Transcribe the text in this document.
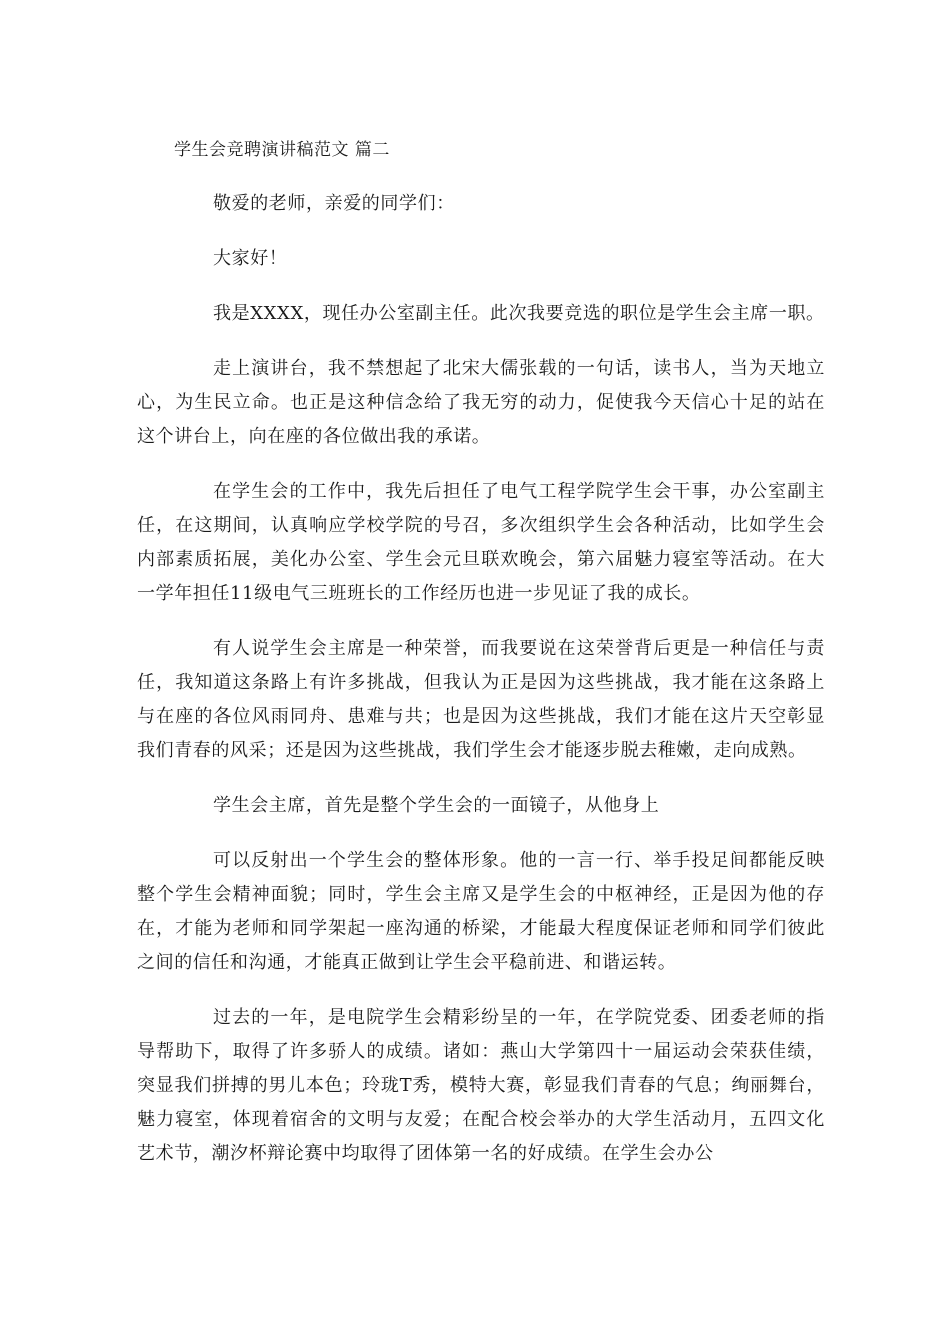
学生会竞聘演讲稿范文 篇二

敬爱的老师，亲爱的同学们：

大家好！

我是XXXX，现任办公室副主任。此次我要竞选的职位是学生会主席一职。

走上演讲台，我不禁想起了北宋大儒张载的一句话，读书人，当为天地立心，为生民立命。也正是这种信念给了我无穷的动力，促使我今天信心十足的站在这个讲台上，向在座的各位做出我的承诺。

在学生会的工作中，我先后担任了电气工程学院学生会干事，办公室副主任，在这期间，认真响应学校学院的号召，多次组织学生会各种活动，比如学生会内部素质拓展，美化办公室、学生会元旦联欢晚会，第六届魅力寝室等活动。在大一学年担任11级电气三班班长的工作经历也进一步见证了我的成长。

有人说学生会主席是一种荣誉，而我要说在这荣誉背后更是一种信任与责任，我知道这条路上有许多挑战，但我认为正是因为这些挑战，我才能在这条路上与在座的各位风雨同舟、患难与共；也是因为这些挑战，我们才能在这片天空彰显我们青春的风采；还是因为这些挑战，我们学生会才能逐步脱去稚嫩，走向成熟。

学生会主席，首先是整个学生会的一面镜子，从他身上

可以反射出一个学生会的整体形象。他的一言一行、举手投足间都能反映整个学生会精神面貌；同时，学生会主席又是学生会的中枢神经，正是因为他的存在，才能为老师和同学架起一座沟通的桥梁，才能最大程度保证老师和同学们彼此之间的信任和沟通，才能真正做到让学生会平稳前进、和谐运转。

过去的一年，是电院学生会精彩纷呈的一年，在学院党委、团委老师的指导帮助下，取得了许多骄人的成绩。诸如：燕山大学第四十一届运动会荣获佳绩，突显我们拼搏的男儿本色；玲珑T秀，模特大赛，彰显我们青春的气息；绚丽舞台，魅力寝室，体现着宿舍的文明与友爱；在配合校会举办的大学生活动月，五四文化艺术节，潮汐杯辩论赛中均取得了团体第一名的好成绩。在学生会办公
